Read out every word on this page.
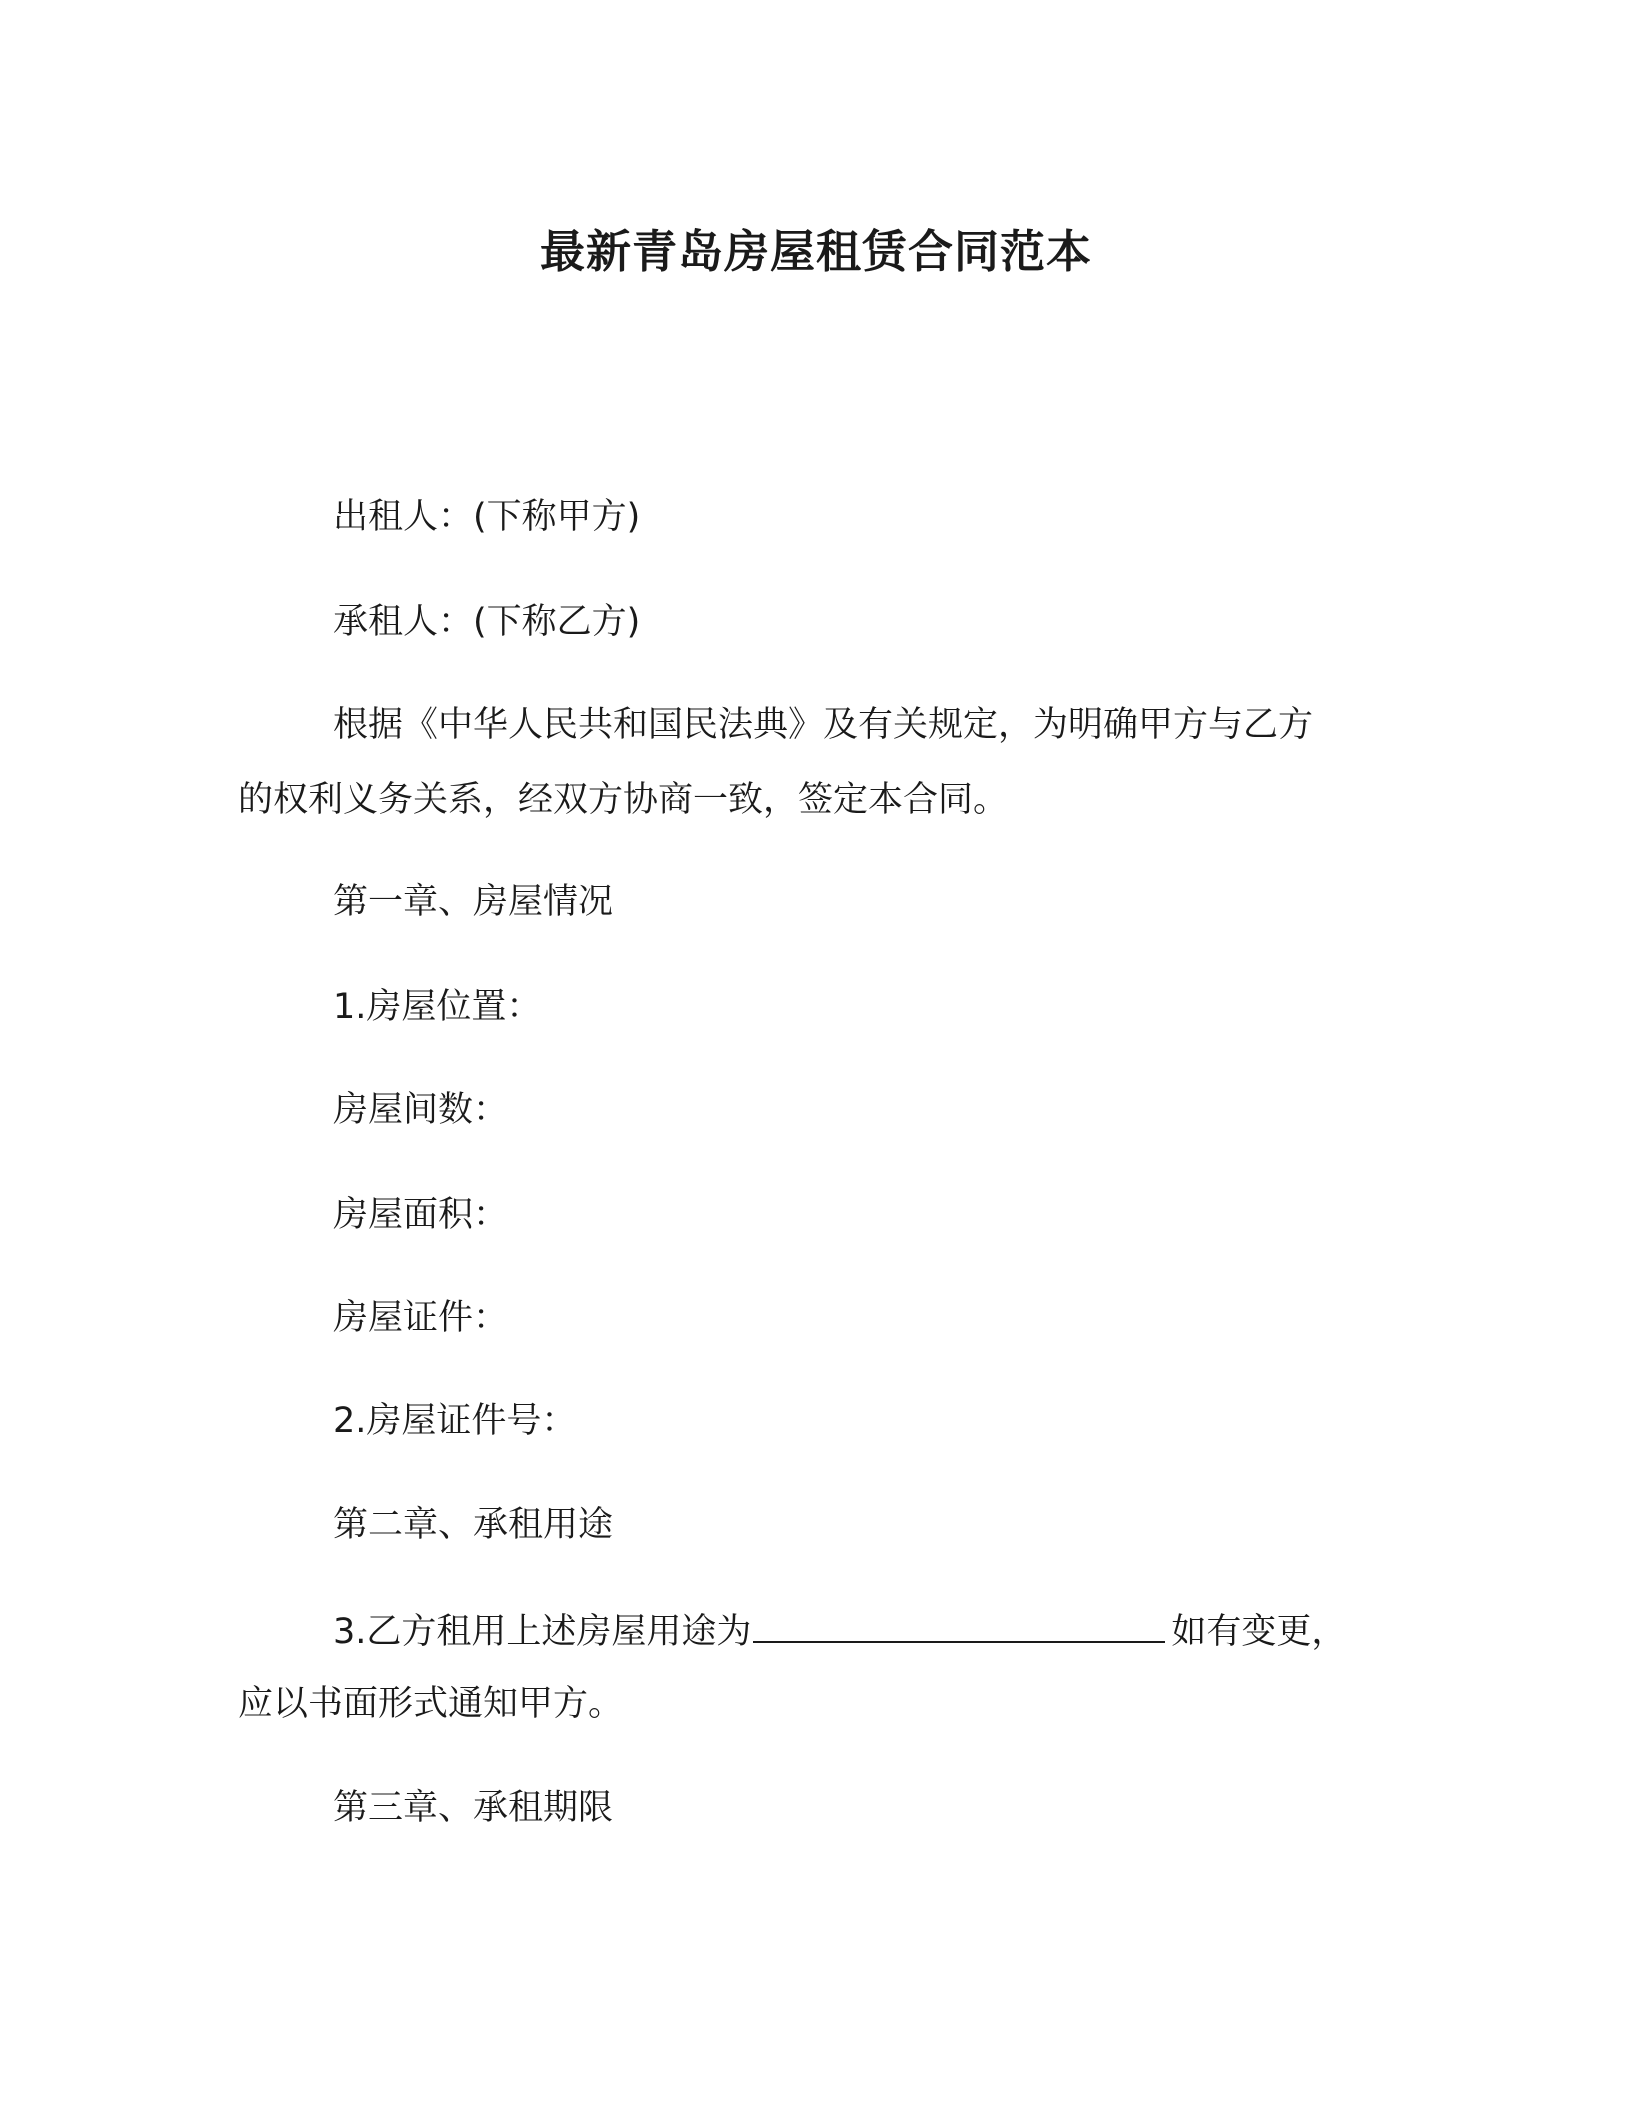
最新青岛房屋租赁合同范本
出租人：(下称甲方)
承租人：(下称乙方)
根据《中华人民共和国民法典》及有关规定，为明确甲方与乙方
的权利义务关系，经双方协商一致，签定本合同。
第一章、房屋情况
1.房屋位置：
房屋间数：
房屋面积：
房屋证件：
2.房屋证件号：
第二章、承租用途
3.乙方租用上述房屋用途为	如有变更，
应以书面形式通知甲方。
第三章、承租期限
